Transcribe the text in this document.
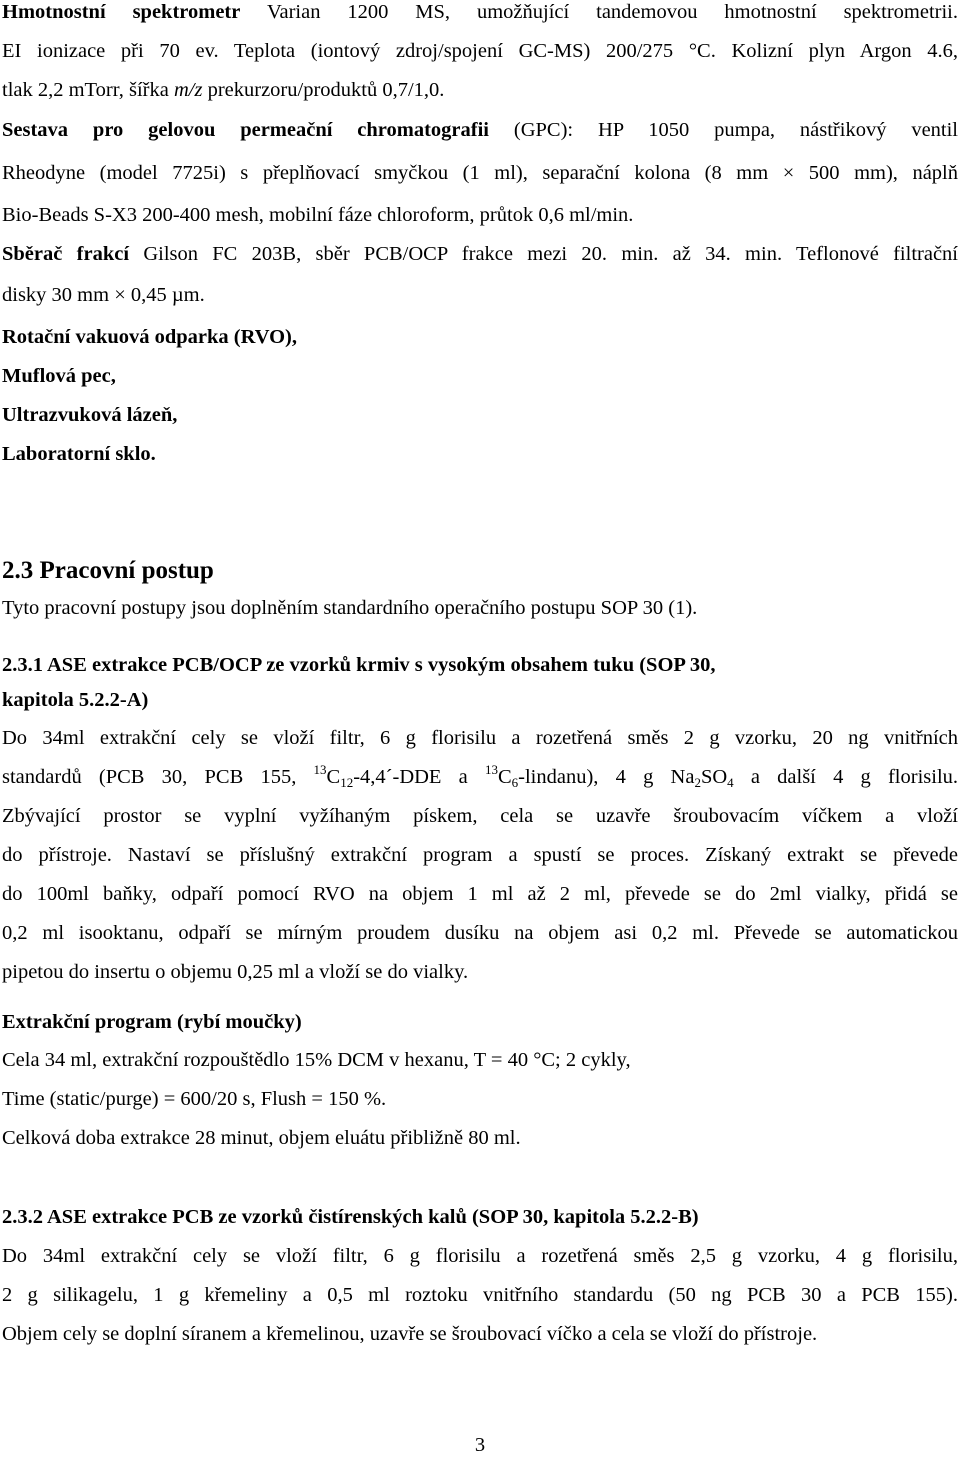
Hmotnostní spektrometr Varian 1200 MS, umožňující tandemovou hmotnostní spektrometrii.
EI ionizace při 70 ev. Teplota (iontový zdroj/spojení GC-MS) 200/275 °C. Kolizní plyn Argon 4.6,
tlak 2,2 mTorr, šířka m/z prekurzoru/produktů 0,7/1,0.
Sestava pro gelovou permeační chromatografii (GPC): HP 1050 pumpa, nástřikový ventil
Rheodyne (model 7725i) s přeplňovací smyčkou (1 ml), separační kolona (8 mm × 500 mm), náplň
Bio-Beads S-X3 200-400 mesh, mobilní fáze chloroform, průtok 0,6 ml/min.
Sběrač frakcí Gilson FC 203B, sběr PCB/OCP frakce mezi 20. min. až 34. min. Teflonové filtrační
disky 30 mm × 0,45 µm.
Rotační vakuová odparka (RVO),
Muflová pec,
Ultrazvuková lázeň,
Laboratorní sklo.
2.3 Pracovní postup
Tyto pracovní postupy jsou doplněním standardního operačního postupu SOP 30 (1).
2.3.1 ASE extrakce PCB/OCP ze vzorků krmiv s vysokým obsahem tuku (SOP 30,
kapitola 5.2.2-A)
Do 34ml extrakční cely se vloží filtr, 6 g florisilu a rozetřená směs 2 g vzorku, 20 ng vnitřních
standardů (PCB 30, PCB 155, $^{13}C_{12}-4,4´$-DDE a $^{13}C_6-lindanu$), 4 g $Na_2SO_4$ a další 4 g florisilu.
Zbývající prostor se vyplní vyžíhaným pískem, cela se uzavře šroubovacím víčkem a vloží
do přístroje. Nastaví se příslušný extrakční program a spustí se proces. Získaný extrakt se převede
do 100ml baňky, odpaří pomocí RVO na objem 1 ml až 2 ml, převede se do 2ml vialky, přidá se
0,2 ml isooktanu, odpaří se mírným proudem dusíku na objem asi 0,2 ml. Převede se automatickou
pipetou do insertu o objemu 0,25 ml a vloží se do vialky.
Extrakční program (rybí moučky)
Cela 34 ml, extrakční rozpouštědlo 15% DCM v hexanu, T = 40 °C; 2 cykly,
Time (static/purge) = 600/20 s, Flush = 150 %.
Celková doba extrakce 28 minut, objem eluátu přibližně 80 ml.
2.3.2 ASE extrakce PCB ze vzorků čistírenských kalů (SOP 30, kapitola 5.2.2-B)
Do 34ml extrakční cely se vloží filtr, 6 g florisilu a rozetřená směs 2,5 g vzorku, 4 g florisilu,
2 g silikagelu, 1 g křemeliny a 0,5 ml roztoku vnitřního standardu (50 ng PCB 30 a PCB 155).
Objem cely se doplní síranem a křemelinou, uzavře se šroubovací víčko a cela se vloží do přístroje.
3
